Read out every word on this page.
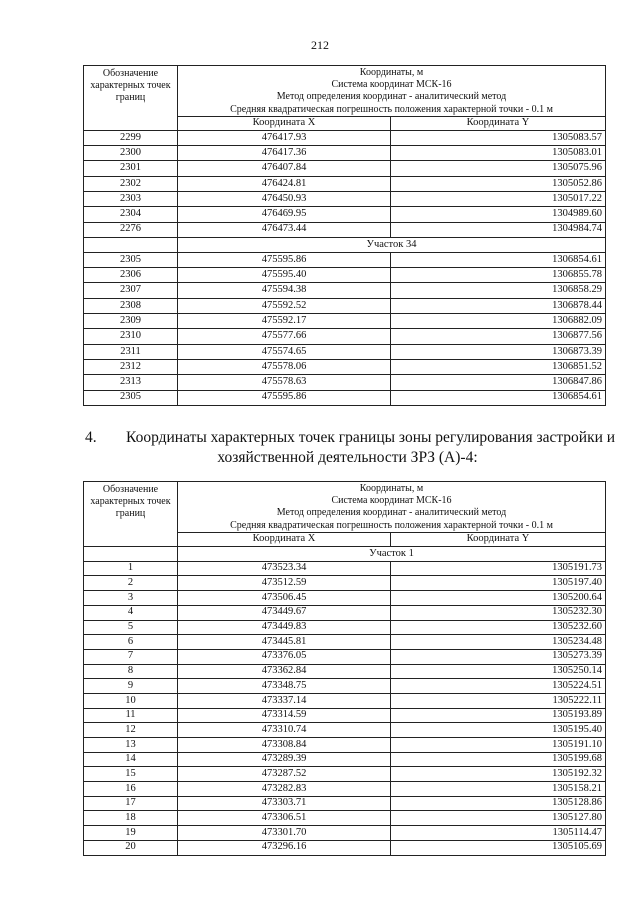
212
Обозначение характерных точек границ	Координаты, м
Система координат МСК-16
Метод определения координат - аналитический метод
Средняя квадратическая погрешность положения характерной точки - 0.1 м	

	Координата X	Координата Y
2299	476417.93	1305083.57
2300	476417.36	1305083.01
2301	476407.84	1305075.96
2302	476424.81	1305052.86
2303	476450.93	1305017.22
2304	476469.95	1304989.60
2276	476473.44	1304984.74
	Участок 34	
2305	475595.86	1306854.61
2306	475595.40	1306855.78
2307	475594.38	1306858.29
2308	475592.52	1306878.44
2309	475592.17	1306882.09
2310	475577.66	1306877.56
2311	475574.65	1306873.39
2312	475578.06	1306851.52
2313	475578.63	1306847.86
2305	475595.86	1306854.61
4. Координаты характерных точек границы зоны регулирования застройки и
хозяйственной деятельности ЗРЗ (А)-4:
Обозначение характерных точек границ	Координаты, м
Система координат МСК-16
Метод определения координат - аналитический метод
Средняя квадратическая погрешность положения характерной точки - 0.1 м	

	Координата X	Координата Y
	Участок 1	
1	473523.34	1305191.73
2	473512.59	1305197.40
3	473506.45	1305200.64
4	473449.67	1305232.30
5	473449.83	1305232.60
6	473445.81	1305234.48
7	473376.05	1305273.39
8	473362.84	1305250.14
9	473348.75	1305224.51
10	473337.14	1305222.11
11	473314.59	1305193.89
12	473310.74	1305195.40
13	473308.84	1305191.10
14	473289.39	1305199.68
15	473287.52	1305192.32
16	473282.83	1305158.21
17	473303.71	1305128.86
18	473306.51	1305127.80
19	473301.70	1305114.47
20	473296.16	1305105.69
